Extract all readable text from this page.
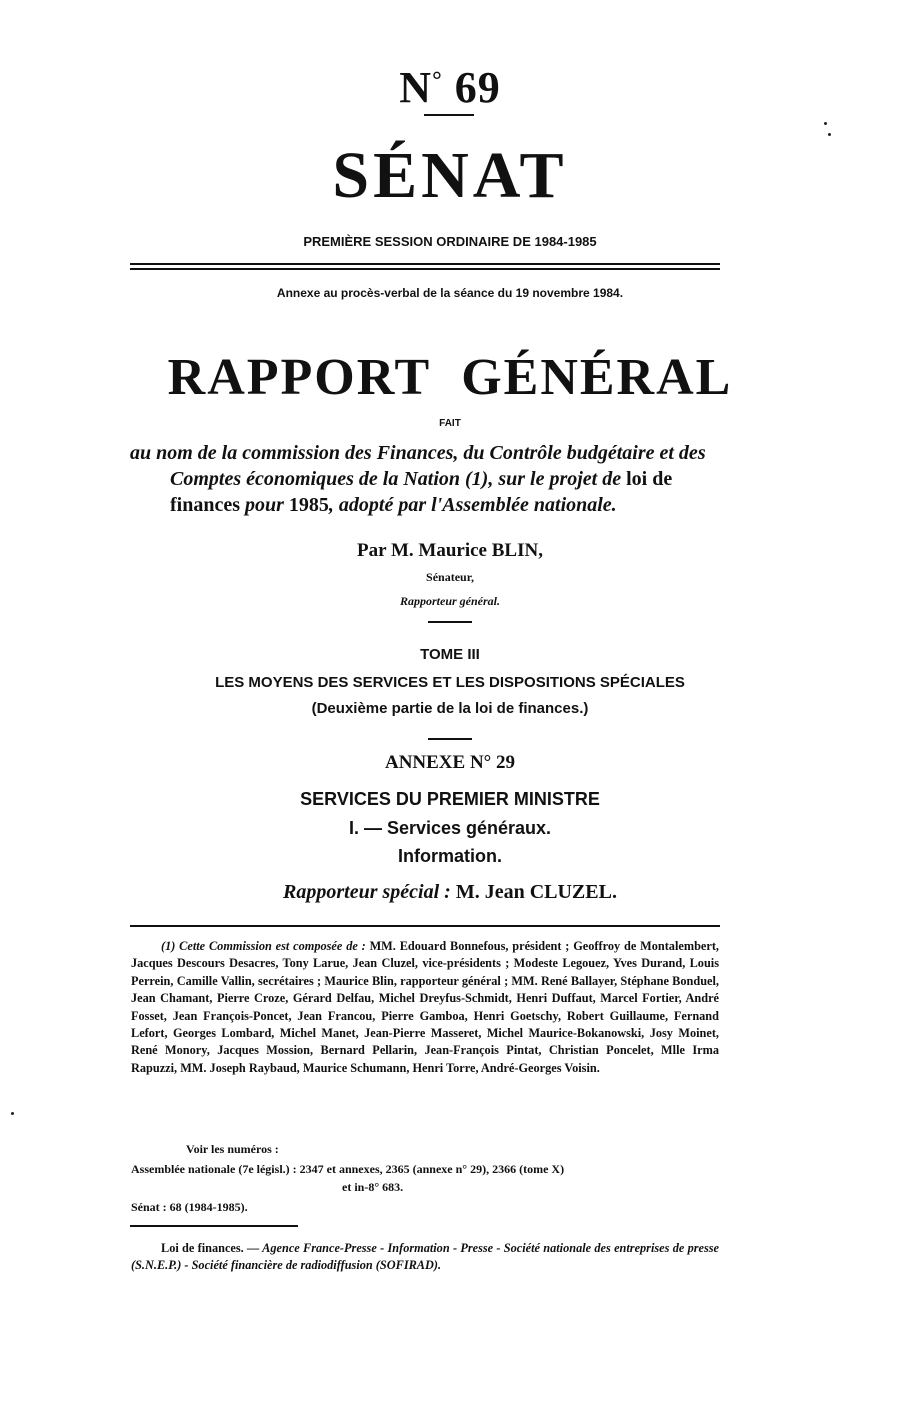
N° 69
SÉNAT
PREMIÈRE SESSION ORDINAIRE DE 1984-1985
Annexe au procès-verbal de la séance du 19 novembre 1984.
RAPPORT GÉNÉRAL
FAIT
au nom de la commission des Finances, du Contrôle budgétaire et des
Comptes économiques de la Nation (1), sur le projet de loi de
finances pour 1985, adopté par l'Assemblée nationale.
Par M. Maurice BLIN,
Sénateur,
Rapporteur général.
TOME III
LES MOYENS DES SERVICES ET LES DISPOSITIONS SPÉCIALES
(Deuxième partie de la loi de finances.)
ANNEXE N° 29
SERVICES DU PREMIER MINISTRE
I. — Services généraux.
Information.
Rapporteur spécial : M. Jean CLUZEL.

(1) Cette Commission est composée de : MM. Edouard Bonnefous, président ; Geoffroy de Montalembert, Jacques Descours Desacres, Tony Larue, Jean Cluzel, vice-présidents ; Modeste Legouez, Yves Durand, Louis Perrein, Camille Vallin, secrétaires ; Maurice Blin, rapporteur général ; MM. René Ballayer, Stéphane Bonduel, Jean Chamant, Pierre Croze, Gérard Delfau, Michel Dreyfus-Schmidt, Henri Duffaut, Marcel Fortier, André Fosset, Jean François-Poncet, Jean Francou, Pierre Gamboa, Henri Goetschy, Robert Guillaume, Fernand Lefort, Georges Lombard, Michel Manet, Jean-Pierre Masseret, Michel Maurice-Bokanowski, Josy Moinet, René Monory, Jacques Mossion, Bernard Pellarin, Jean-François Pintat, Christian Poncelet, Mlle Irma Rapuzzi, MM. Joseph Raybaud, Maurice Schumann, Henri Torre, André-Georges Voisin.

Voir les numéros :
Assemblée nationale (7e législ.) : 2347 et annexes, 2365 (annexe n° 29), 2366 (tome X)
et in-8° 683.
Sénat : 68 (1984-1985).

Loi de finances. — Agence France-Presse - Information - Presse - Société nationale des entreprises de presse (S.N.E.P.) - Société financière de radiodiffusion (SOFIRAD).
